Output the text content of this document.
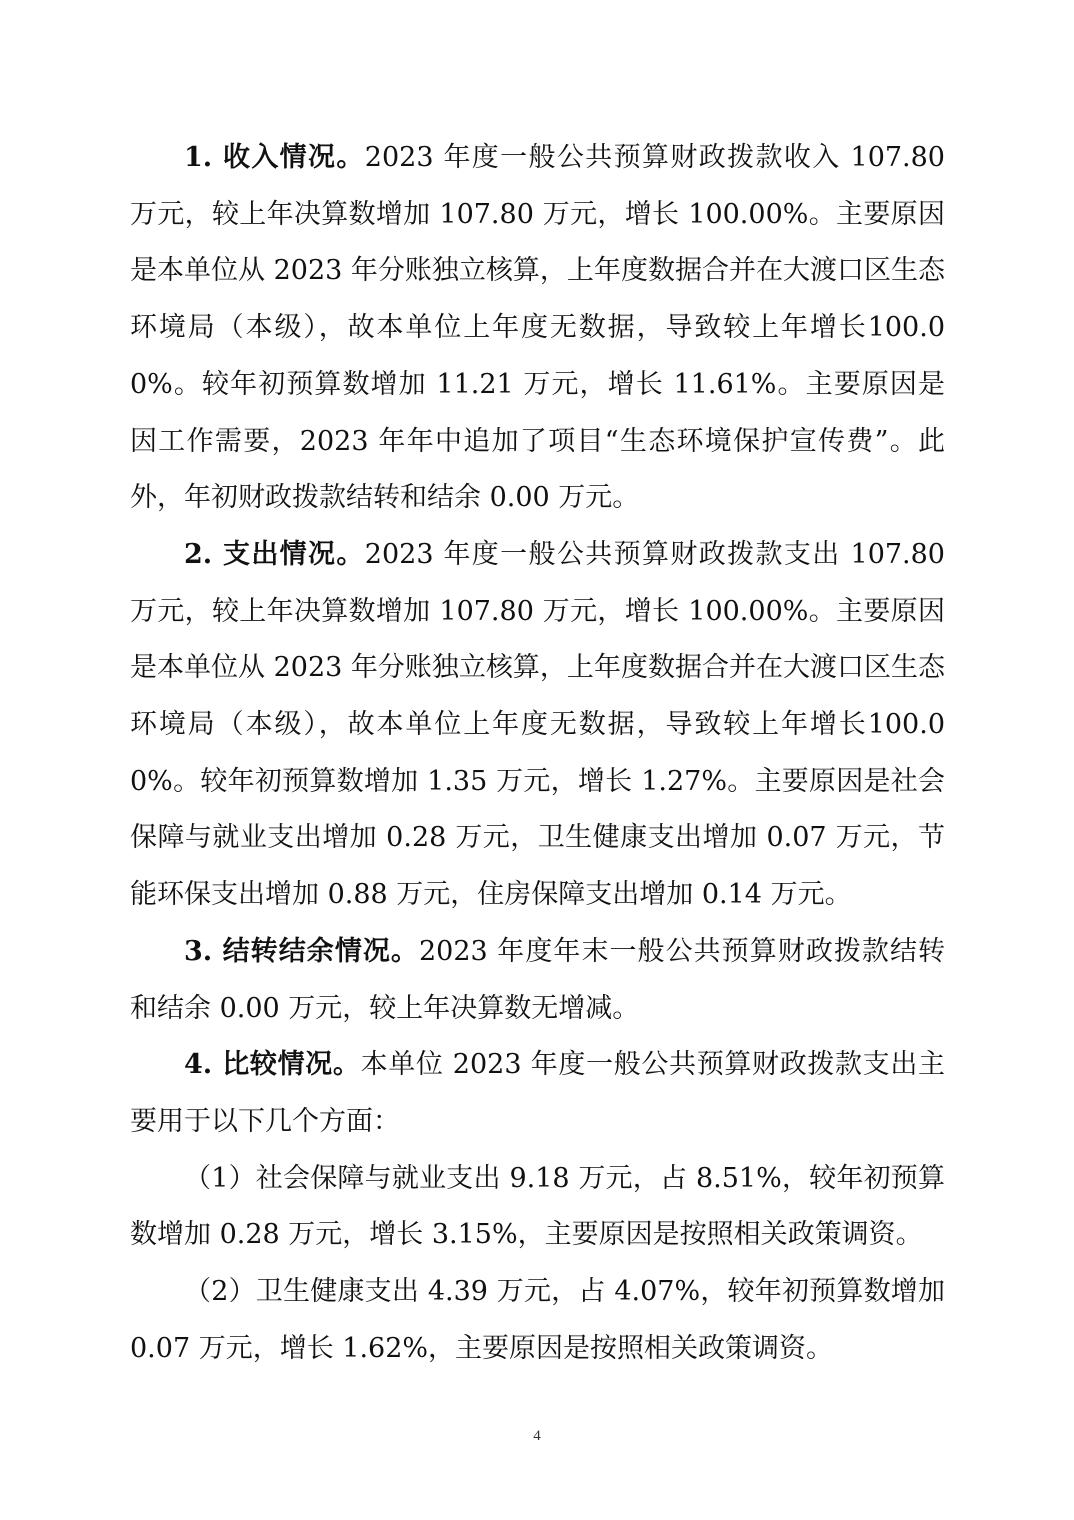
1. 收入情况。2023 年度一般公共预算财政拨款收入 107.80 万元，较上年决算数增加 107.80 万元，增长 100.00%。主要原因是本单位从 2023 年分账独立核算，上年度数据合并在大渡口区生态环境局（本级），故本单位上年度无数据，导致较上年增长100.00%。较年初预算数增加 11.21 万元，增长 11.61%。主要原因是因工作需要，2023 年年中追加了项目“生态环境保护宣传费”。此外，年初财政拨款结转和结余 0.00 万元。

2. 支出情况。2023 年度一般公共预算财政拨款支出 107.80 万元，较上年决算数增加 107.80 万元，增长 100.00%。主要原因是本单位从 2023 年分账独立核算，上年度数据合并在大渡口区生态环境局（本级），故本单位上年度无数据，导致较上年增长100.00%。较年初预算数增加 1.35 万元，增长 1.27%。主要原因是社会保障与就业支出增加 0.28 万元，卫生健康支出增加 0.07 万元，节能环保支出增加 0.88 万元，住房保障支出增加 0.14 万元。

3. 结转结余情况。2023 年度年末一般公共预算财政拨款结转和结余 0.00 万元，较上年决算数无增减。

4. 比较情况。本单位 2023 年度一般公共预算财政拨款支出主要用于以下几个方面：

（1）社会保障与就业支出 9.18 万元，占 8.51%，较年初预算数增加 0.28 万元，增长 3.15%，主要原因是按照相关政策调资。

（2）卫生健康支出 4.39 万元，占 4.07%，较年初预算数增加 0.07 万元，增长 1.62%，主要原因是按照相关政策调资。

4
